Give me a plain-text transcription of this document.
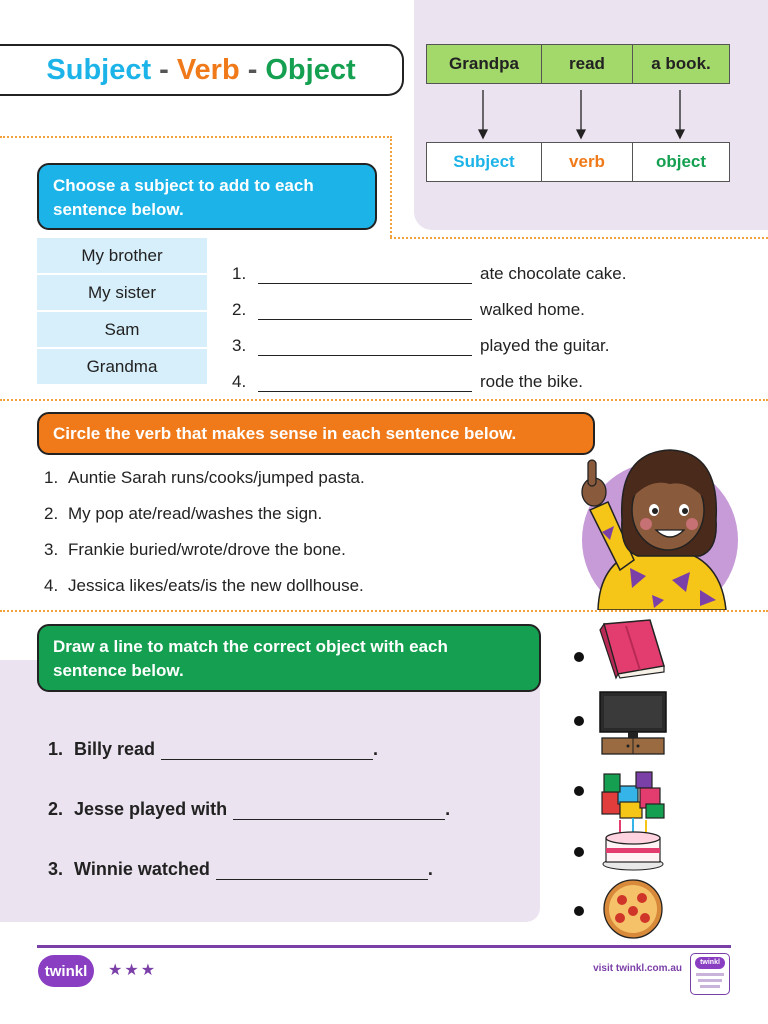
Subject - Verb - Object	Grandpa	read	a book.
Subject	verb	object
Choose a subject to add to each sentence below.
My brother
My sister
Sam
Grandma
1.	ate chocolate cake.
2.	walked home.
3.	played the guitar.
4.	rode the bike.
Circle the verb that makes sense in each sentence below.
1. Auntie Sarah runs/cooks/jumped pasta.
2. My pop ate/read/washes the sign.
3. Frankie buried/wrote/drove the bone.
4. Jessica likes/eats/is the new dollhouse.
Draw a line to match the correct object with each sentence below.
1. Billy read	.
2. Jesse played with	.
3. Winnie watched	.
twinkl	★★★	visit twinkl.com.au
twinkl
